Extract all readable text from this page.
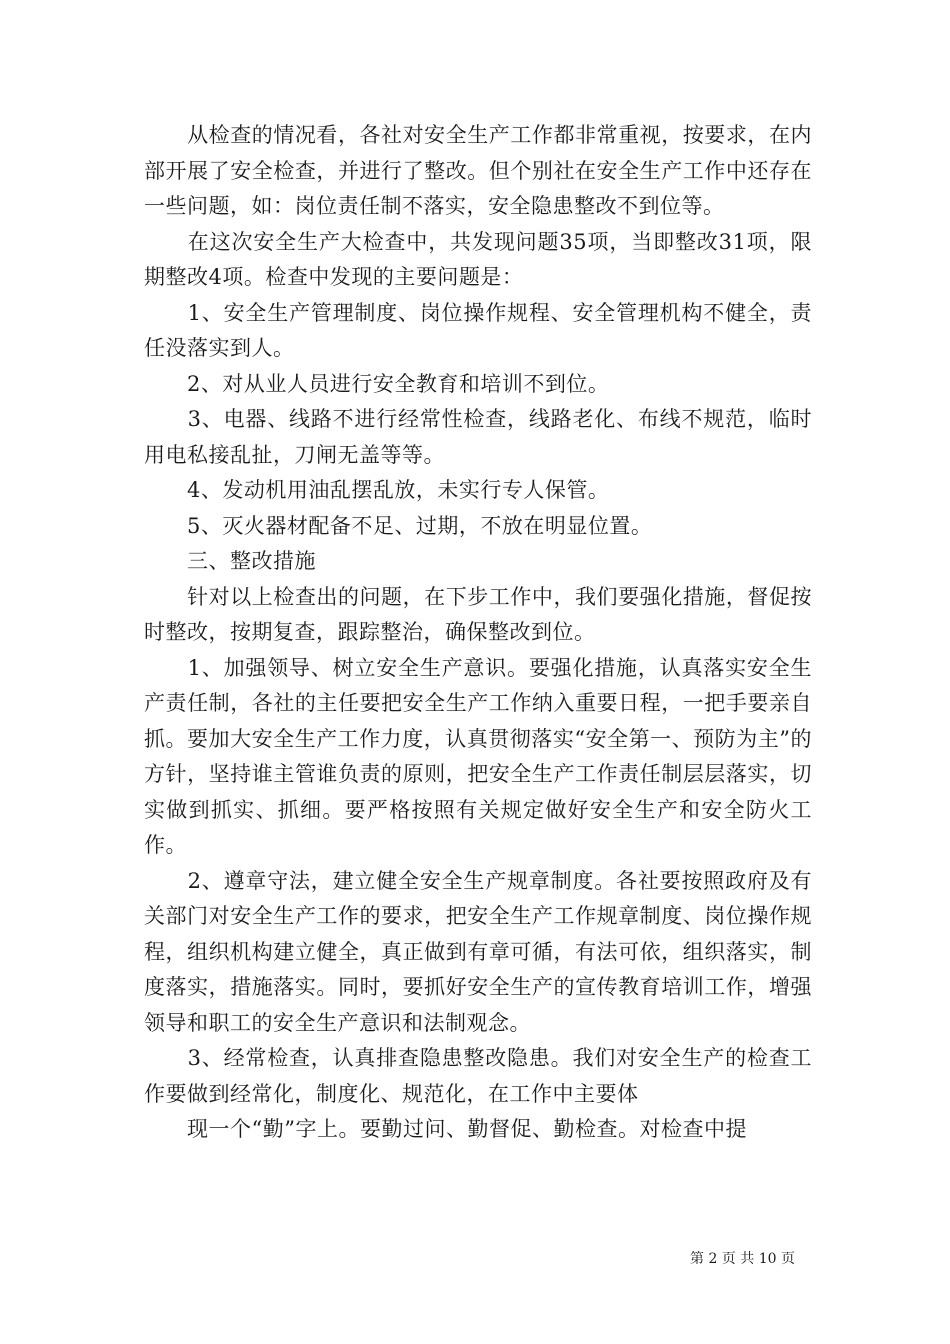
　　从检查的情况看，各社对安全生产工作都非常重视，按要求，在内部开展了安全检查，并进行了整改。但个别社在安全生产工作中还存在一些问题，如：岗位责任制不落实，安全隐患整改不到位等。

　　在这次安全生产大检查中，共发现问题35项，当即整改31项，限期整改4项。检查中发现的主要问题是：

　　1、安全生产管理制度、岗位操作规程、安全管理机构不健全，责任没落实到人。

　　2、对从业人员进行安全教育和培训不到位。

　　3、电器、线路不进行经常性检查，线路老化、布线不规范，临时用电私接乱扯，刀闸无盖等等。

　　4、发动机用油乱摆乱放，未实行专人保管。

　　5、灭火器材配备不足、过期，不放在明显位置。

　　三、整改措施

　　针对以上检查出的问题，在下步工作中，我们要强化措施，督促按时整改，按期复查，跟踪整治，确保整改到位。

　　1、加强领导、树立安全生产意识。要强化措施，认真落实安全生产责任制，各社的主任要把安全生产工作纳入重要日程，一把手要亲自抓。要加大安全生产工作力度，认真贯彻落实“安全第一、预防为主”的方针，坚持谁主管谁负责的原则，把安全生产工作责任制层层落实，切实做到抓实、抓细。要严格按照有关规定做好安全生产和安全防火工作。

　　2、遵章守法，建立健全安全生产规章制度。各社要按照政府及有关部门对安全生产工作的要求，把安全生产工作规章制度、岗位操作规程，组织机构建立健全，真正做到有章可循，有法可依，组织落实，制度落实，措施落实。同时，要抓好安全生产的宣传教育培训工作，增强领导和职工的安全生产意识和法制观念。

　　3、经常检查，认真排查隐患整改隐患。我们对安全生产的检查工作要做到经常化，制度化、规范化，在工作中主要体

　　现一个“勤”字上。要勤过问、勤督促、勤检查。对检查中提

第 2 页 共 10 页
